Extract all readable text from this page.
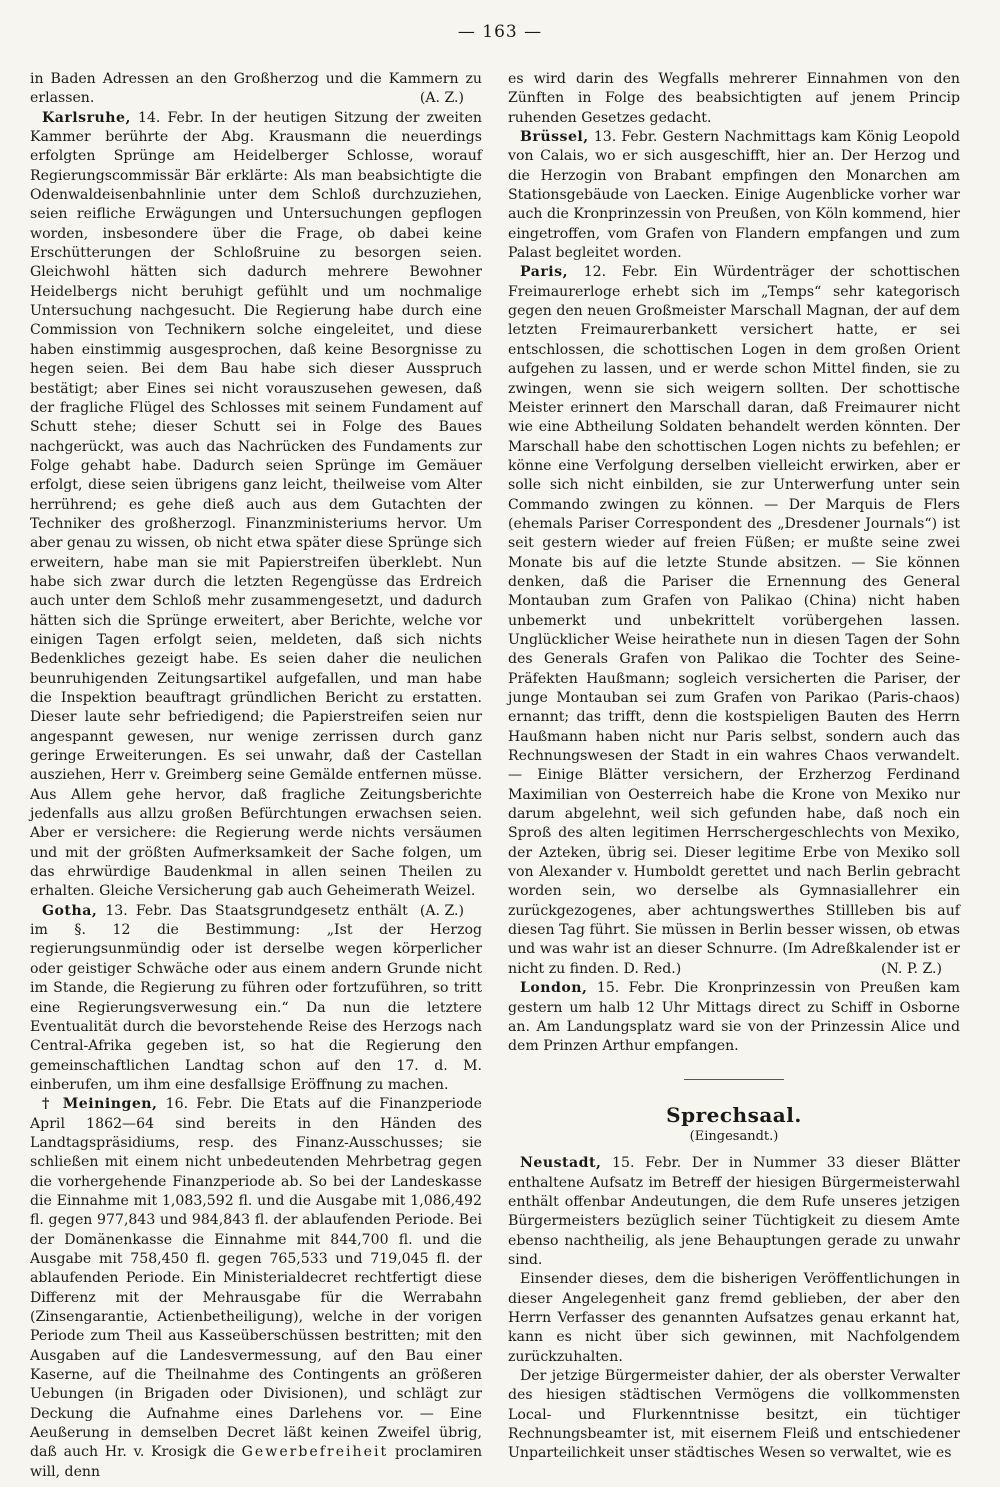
— 163 —

in Baden Adressen an den Großherzog und die Kammern zu erlassen.	(A. Z.)

Karlsruhe, 14. Febr. In der heutigen Sitzung der zweiten Kammer berührte der Abg. Krausmann die neuerdings erfolgten Sprünge am Heidelberger Schlosse, worauf Regierungscommissär Bär erklärte: Als man beabsichtigte die Odenwaldeisenbahnlinie unter dem Schloß durchzuziehen, seien reifliche Erwägungen und Untersuchungen gepflogen worden, insbesondere über die Frage, ob dabei keine Erschütterungen der Schloßruine zu besorgen seien. Gleichwohl hätten sich dadurch mehrere Bewohner Heidelbergs nicht beruhigt gefühlt und um nochmalige Untersuchung nachgesucht. Die Regierung habe durch eine Commission von Technikern solche eingeleitet, und diese haben einstimmig ausgesprochen, daß keine Besorgnisse zu hegen seien. Bei dem Bau habe sich dieser Ausspruch bestätigt; aber Eines sei nicht vorauszusehen gewesen, daß der fragliche Flügel des Schlosses mit seinem Fundament auf Schutt stehe; dieser Schutt sei in Folge des Baues nachgerückt, was auch das Nachrücken des Fundaments zur Folge gehabt habe. Dadurch seien Sprünge im Gemäuer erfolgt, diese seien übrigens ganz leicht, theilweise vom Alter herrührend; es gehe dieß auch aus dem Gutachten der Techniker des großherzogl. Finanzministeriums hervor. Um aber genau zu wissen, ob nicht etwa später diese Sprünge sich erweitern, habe man sie mit Papierstreifen überklebt. Nun habe sich zwar durch die letzten Regengüsse das Erdreich auch unter dem Schloß mehr zusammengesetzt, und dadurch hätten sich die Sprünge erweitert, aber Berichte, welche vor einigen Tagen erfolgt seien, meldeten, daß sich nichts Bedenkliches gezeigt habe. Es seien daher die neulichen beunruhigenden Zeitungsartikel aufgefallen, und man habe die Inspektion beauftragt gründlichen Bericht zu erstatten. Dieser laute sehr befriedigend; die Papierstreifen seien nur angespannt gewesen, nur wenige zerrissen durch ganz geringe Erweiterungen. Es sei unwahr, daß der Castellan ausziehen, Herr v. Greimberg seine Gemälde entfernen müsse. Aus Allem gehe hervor, daß fragliche Zeitungsberichte jedenfalls aus allzu großen Befürchtungen erwachsen seien. Aber er versichere: die Regierung werde nichts versäumen und mit der größten Aufmerksamkeit der Sache folgen, um das ehrwürdige Baudenkmal in allen seinen Theilen zu erhalten. Gleiche Versicherung gab auch Geheimerath Weizel.
(A. Z.)

Gotha, 13. Febr. Das Staatsgrundgesetz enthält im §. 12 die Bestimmung: „Ist der Herzog regierungsunmündig oder ist derselbe wegen körperlicher oder geistiger Schwäche oder aus einem andern Grunde nicht im Stande, die Regierung zu führen oder fortzuführen, so tritt eine Regierungsverwesung ein.“ Da nun die letztere Eventualität durch die bevorstehende Reise des Herzogs nach Central-Afrika gegeben ist, so hat die Regierung den gemeinschaftlichen Landtag schon auf den 17. d. M. einberufen, um ihm eine desfallsige Eröffnung zu machen.

† Meiningen, 16. Febr. Die Etats auf die Finanzperiode April 1862—64 sind bereits in den Händen des Landtagspräsidiums, resp. des Finanz-Ausschusses; sie schließen mit einem nicht unbedeutenden Mehrbetrag gegen die vorhergehende Finanzperiode ab. So bei der Landeskasse die Einnahme mit 1,083,592 fl. und die Ausgabe mit 1,086,492 fl. gegen 977,843 und 984,843 fl. der ablaufenden Periode. Bei der Domänenkasse die Einnahme mit 844,700 fl. und die Ausgabe mit 758,450 fl. gegen 765,533 und 719,045 fl. der ablaufenden Periode. Ein Ministerialdecret rechtfertigt diese Differenz mit der Mehrausgabe für die Werrabahn (Zinsengarantie, Actienbetheiligung), welche in der vorigen Periode zum Theil aus Kasseüberschüssen bestritten; mit den Ausgaben auf die Landesvermessung, auf den Bau einer Kaserne, auf die Theilnahme des Contingents an größeren Uebungen (in Brigaden oder Divisionen), und schlägt zur Deckung die Aufnahme eines Darlehens vor. — Eine Aeußerung in demselben Decret läßt keinen Zweifel übrig, daß auch Hr. v. Krosigk die Gewerbefreiheit proclamiren will, denn

es wird darin des Wegfalls mehrerer Einnahmen von den Zünften in Folge des beabsichtigten auf jenem Princip ruhenden Gesetzes gedacht.

Brüssel, 13. Febr. Gestern Nachmittags kam König Leopold von Calais, wo er sich ausgeschifft, hier an. Der Herzog und die Herzogin von Brabant empfingen den Monarchen am Stationsgebäude von Laecken. Einige Augenblicke vorher war auch die Kronprinzessin von Preußen, von Köln kommend, hier eingetroffen, vom Grafen von Flandern empfangen und zum Palast begleitet worden.

Paris, 12. Febr. Ein Würdenträger der schottischen Freimaurerloge erhebt sich im „Temps“ sehr kategorisch gegen den neuen Großmeister Marschall Magnan, der auf dem letzten Freimaurerbankett versichert hatte, er sei entschlossen, die schottischen Logen in dem großen Orient aufgehen zu lassen, und er werde schon Mittel finden, sie zu zwingen, wenn sie sich weigern sollten. Der schottische Meister erinnert den Marschall daran, daß Freimaurer nicht wie eine Abtheilung Soldaten behandelt werden könnten. Der Marschall habe den schottischen Logen nichts zu befehlen; er könne eine Verfolgung derselben vielleicht erwirken, aber er solle sich nicht einbilden, sie zur Unterwerfung unter sein Commando zwingen zu können. — Der Marquis de Flers (ehemals Pariser Correspondent des „Dresdener Journals“) ist seit gestern wieder auf freien Füßen; er mußte seine zwei Monate bis auf die letzte Stunde absitzen. — Sie können denken, daß die Pariser die Ernennung des General Montauban zum Grafen von Palikao (China) nicht haben unbemerkt und unbekrittelt vorübergehen lassen. Unglücklicher Weise heirathete nun in diesen Tagen der Sohn des Generals Grafen von Palikao die Tochter des Seine-Präfekten Haußmann; sogleich versicherten die Pariser, der junge Montauban sei zum Grafen von Parikao (Paris-chaos) ernannt; das trifft, denn die kostspieligen Bauten des Herrn Haußmann haben nicht nur Paris selbst, sondern auch das Rechnungswesen der Stadt in ein wahres Chaos verwandelt. — Einige Blätter versichern, der Erzherzog Ferdinand Maximilian von Oesterreich habe die Krone von Mexiko nur darum abgelehnt, weil sich gefunden habe, daß noch ein Sproß des alten legitimen Herrschergeschlechts von Mexiko, der Azteken, übrig sei. Dieser legitime Erbe von Mexiko soll von Alexander v. Humboldt gerettet und nach Berlin gebracht worden sein, wo derselbe als Gymnasiallehrer ein zurückgezogenes, aber achtungswerthes Stillleben bis auf diesen Tag führt. Sie müssen in Berlin besser wissen, ob etwas und was wahr ist an dieser Schnurre. (Im Adreßkalender ist er nicht zu finden. D. Red.)	(N. P. Z.)

London, 15. Febr. Die Kronprinzessin von Preußen kam gestern um halb 12 Uhr Mittags direct zu Schiff in Osborne an. Am Landungsplatz ward sie von der Prinzessin Alice und dem Prinzen Arthur empfangen.

Sprechsaal.
(Eingesandt.)

Neustadt, 15. Febr. Der in Nummer 33 dieser Blätter enthaltene Aufsatz im Betreff der hiesigen Bürgermeisterwahl enthält offenbar Andeutungen, die dem Rufe unseres jetzigen Bürgermeisters bezüglich seiner Tüchtigkeit zu diesem Amte ebenso nachtheilig, als jene Behauptungen gerade zu unwahr sind.

Einsender dieses, dem die bisherigen Veröffentlichungen in dieser Angelegenheit ganz fremd geblieben, der aber den Herrn Verfasser des genannten Aufsatzes genau erkannt hat, kann es nicht über sich gewinnen, mit Nachfolgendem zurückzuhalten.

Der jetzige Bürgermeister dahier, der als oberster Verwalter des hiesigen städtischen Vermögens die vollkommensten Local- und Flurkenntnisse besitzt, ein tüchtiger Rechnungsbeamter ist, mit eisernem Fleiß und entschiedener Unparteilichkeit unser städtisches Wesen so verwaltet, wie es
